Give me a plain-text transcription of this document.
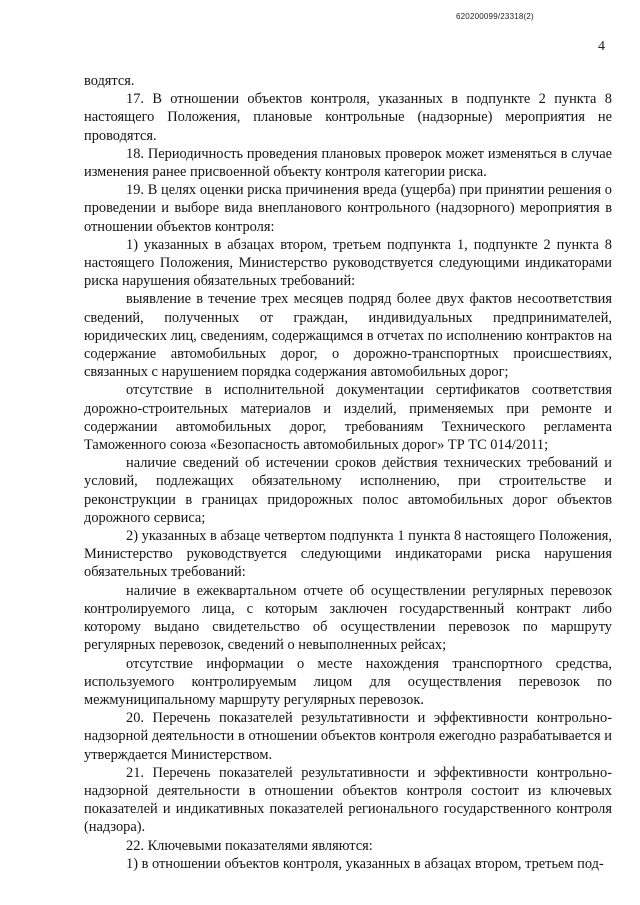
620200099/23318(2)
4

водятся.

17. В отношении объектов контроля, указанных в подпункте 2 пункта 8 настоящего Положения, плановые контрольные (надзорные) мероприятия не проводятся.

18. Периодичность проведения плановых проверок может изменяться в случае изменения ранее присвоенной объекту контроля категории риска.

19. В целях оценки риска причинения вреда (ущерба) при принятии решения о проведении и выборе вида внепланового контрольного (надзорного) мероприятия в отношении объектов контроля:

1) указанных в абзацах втором, третьем подпункта 1, подпункте 2 пункта 8 настоящего Положения, Министерство руководствуется следующими индикаторами риска нарушения обязательных требований:

выявление в течение трех месяцев подряд более двух фактов несоответствия сведений, полученных от граждан, индивидуальных предпринимателей, юридических лиц, сведениям, содержащимся в отчетах по исполнению контрактов на содержание автомобильных дорог, о дорожно-транспортных происшествиях, связанных с нарушением порядка содержания автомобильных дорог;

отсутствие в исполнительной документации сертификатов соответствия дорожно-строительных материалов и изделий, применяемых при ремонте и содержании автомобильных дорог, требованиям Технического регламента Таможенного союза «Безопасность автомобильных дорог» ТР ТС 014/2011;

наличие сведений об истечении сроков действия технических требований и условий, подлежащих обязательному исполнению, при строительстве и реконструкции в границах придорожных полос автомобильных дорог объектов дорожного сервиса;

2) указанных в абзаце четвертом подпункта 1 пункта 8 настоящего Положения, Министерство руководствуется следующими индикаторами риска нарушения обязательных требований:

наличие в ежеквартальном отчете об осуществлении регулярных перевозок контролируемого лица, с которым заключен государственный контракт либо которому выдано свидетельство об осуществлении перевозок по маршруту регулярных перевозок, сведений о невыполненных рейсах;

отсутствие информации о месте нахождения транспортного средства, используемого контролируемым лицом для осуществления перевозок по межмуниципальному маршруту регулярных перевозок.

20. Перечень показателей результативности и эффективности контрольно-надзорной деятельности в отношении объектов контроля ежегодно разрабатывается и утверждается Министерством.

21. Перечень показателей результативности и эффективности контрольно-надзорной деятельности в отношении объектов контроля состоит из ключевых показателей и индикативных показателей регионального государственного контроля (надзора).

22. Ключевыми показателями являются:

1) в отношении объектов контроля, указанных в абзацах втором, третьем под-
